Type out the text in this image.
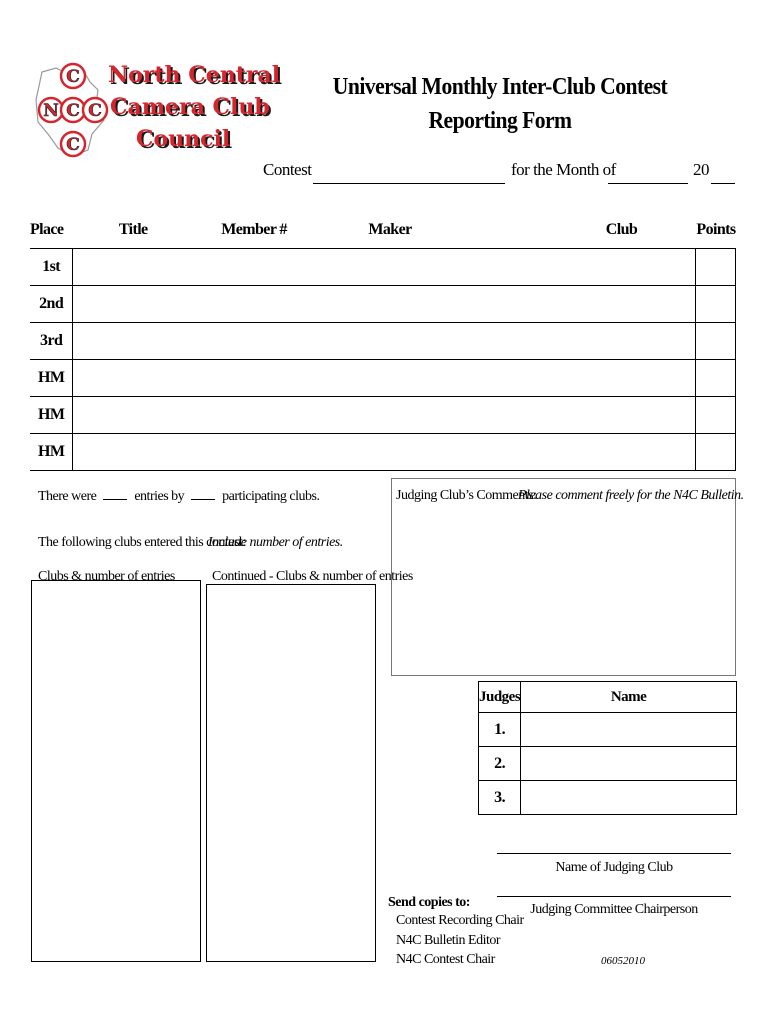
C
N C C
C
North Central
Camera Club
Council
Universal Monthly Inter-Club Contest
Reporting Form
Contest	for the Month of	20
Place	Title	Member #	Maker	Club	Points
1st					
2nd					
3rd					
HM					
HM					
HM					
There were	entries by	participating clubs.
The following clubs entered this contest:
Include number of entries.
Clubs & number of entries	Continued - Clubs & number of entries
Judging Club’s Comments:
Please comment freely for the N4C Bulletin.
Judges	Name
1.	
2.	
3.	
Name of Judging Club
Judging Committee Chairperson
Send copies to:
Contest Recording Chair
N4C Bulletin Editor
N4C Contest Chair	06052010
